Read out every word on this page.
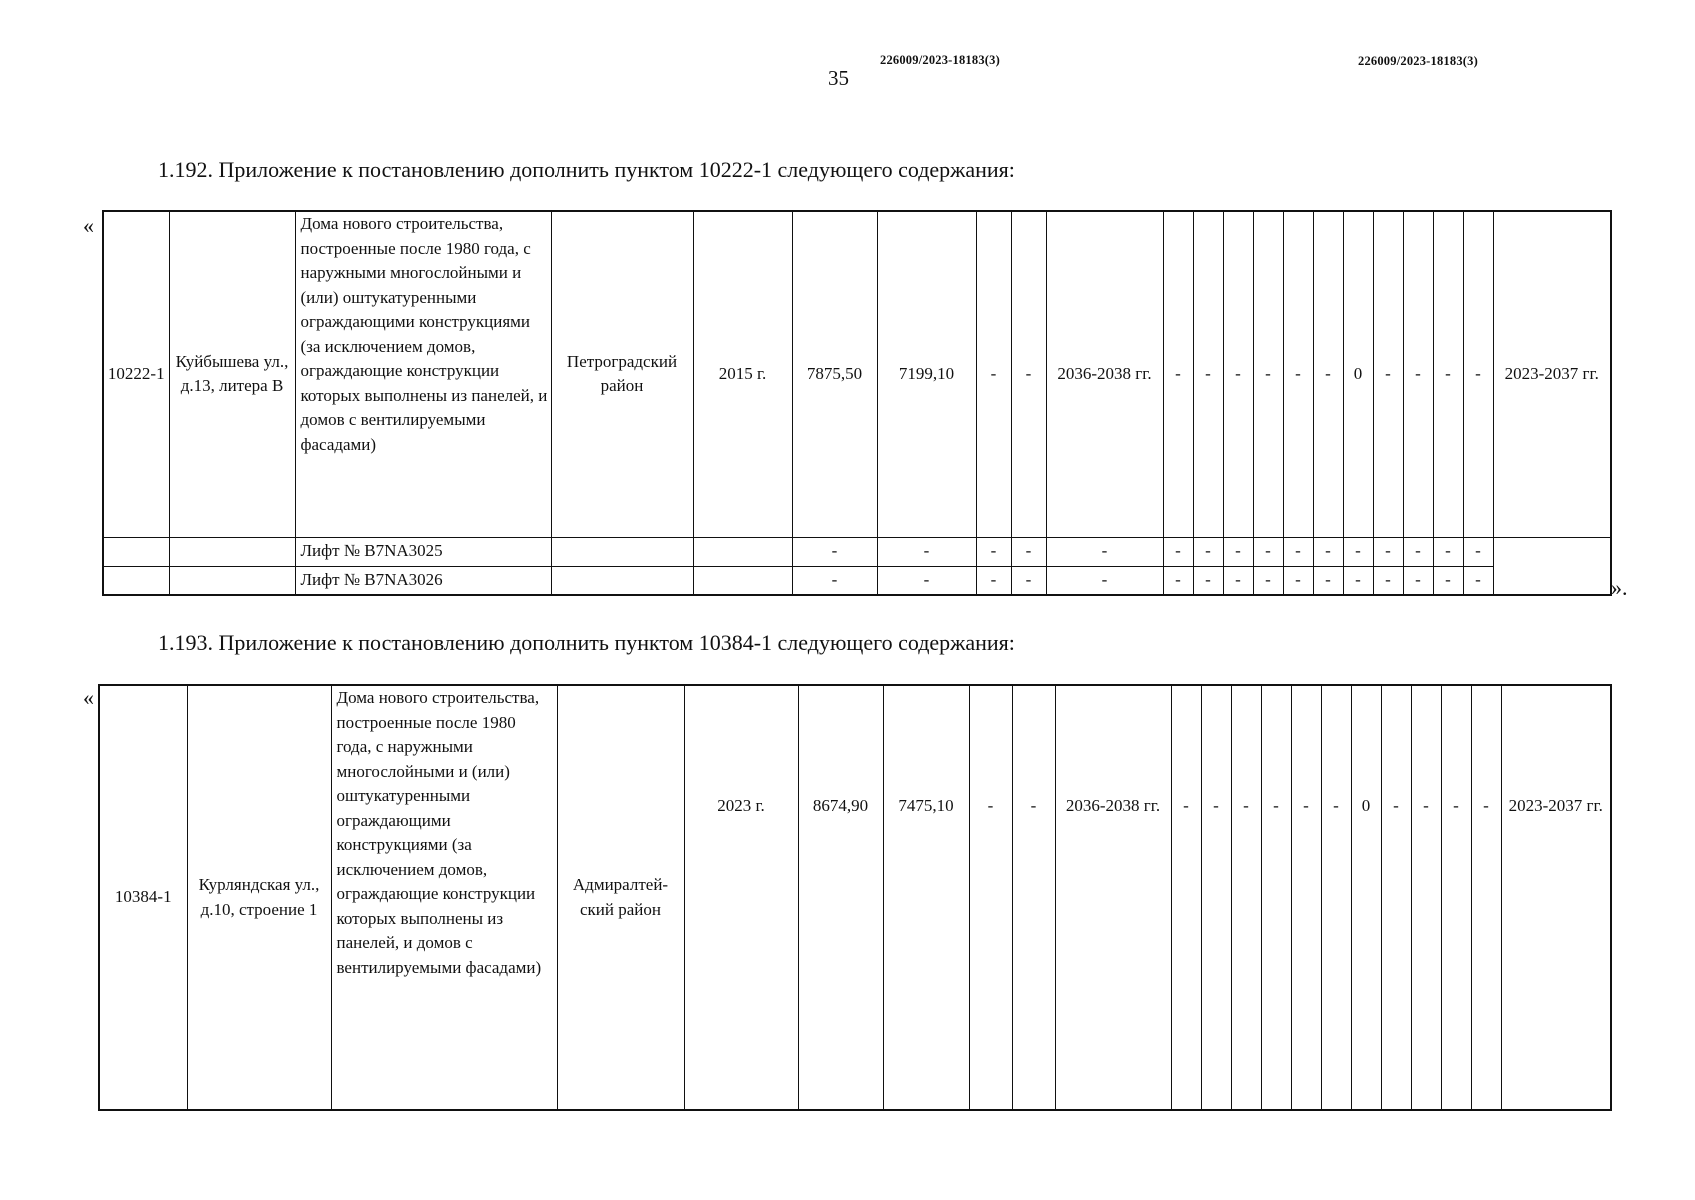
226009/2023-18183(3)
35
226009/2023-18183(3)
1.192. Приложение к постановлению дополнить пунктом 10222-1 следующего содержания:
«
10222-1	Куйбышева ул., д.13, литера В	Дома нового строительства, построенные после 1980 года, с наружными многослойными и (или) оштукатуренными ограждающими конструкциями (за исключением домов, ограждающие конструкции которых выполнены из панелей, и домов с вентилируемыми фасадами)	Петроградский район	2015 г.	7875,50	7199,10	-	-	2036-2038 гг.	-	-	-	-	-	-	0	-	-	-	-	2023-2037 гг.
		Лифт № B7NA3025			-	-	-	-	-	-	-	-	-	-	-	-	-	-	-	-	
		Лифт № B7NA3026			-	-	-	-	-	-	-	-	-	-	-	-	-	-	-	-		».
1.193. Приложение к постановлению дополнить пунктом 10384-1 следующего содержания:
«
10384-1	Курляндская ул., д.10, строение 1	Дома нового строительства, построенные после 1980 года, с наружными многослойными и (или) оштукатуренными ограждающими конструкциями (за исключением домов, ограждающие конструкции которых выполнены из панелей, и домов с вентилируемыми фасадами)	Адмиралтей-ский район	2023 г.	8674,90	7475,10	-	-	2036-2038 гг.	-	-	-	-	-	-	0	-	-	-	-	2023-2037 гг.
